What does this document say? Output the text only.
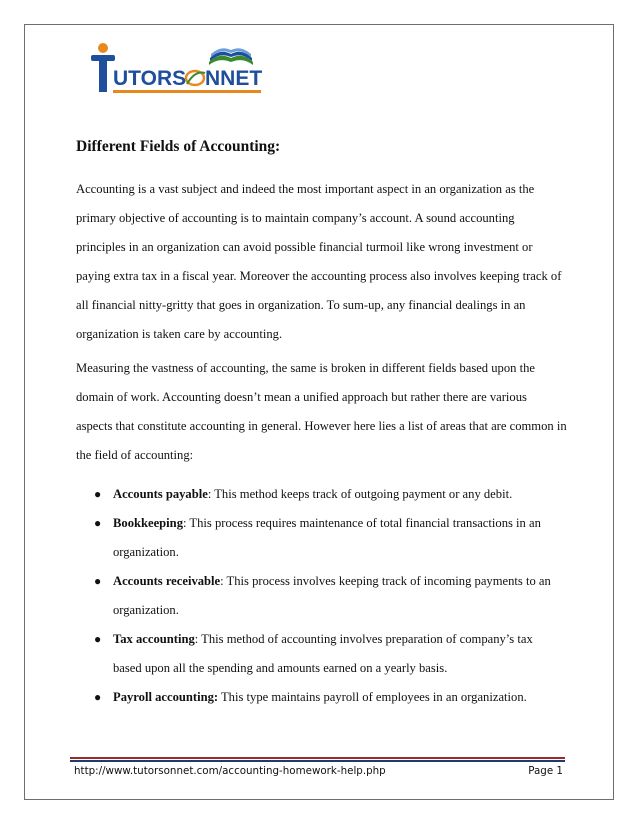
UTORS NNET
Different Fields of Accounting:
Accounting is a vast subject and indeed the most important aspect in an organization as the
primary objective of accounting is to maintain company’s account. A sound accounting
principles in an organization can avoid possible financial turmoil like wrong investment or
paying extra tax in a fiscal year. Moreover the accounting process also involves keeping track of
all financial nitty-gritty that goes in organization. To sum-up, any financial dealings in an
organization is taken care by accounting.
Measuring the vastness of accounting, the same is broken in different fields based upon the
domain of work. Accounting doesn’t mean a unified approach but rather there are various
aspects that constitute accounting in general. However here lies a list of areas that are common in
the field of accounting:
● Accounts payable: This method keeps track of outgoing payment or any debit.
● Bookkeeping: This process requires maintenance of total financial transactions in an
organization.
● Accounts receivable: This process involves keeping track of incoming payments to an
organization.
● Tax accounting: This method of accounting involves preparation of company’s tax
based upon all the spending and amounts earned on a yearly basis.
● Payroll accounting: This type maintains payroll of employees in an organization.
http://www.tutorsonnet.com/accounting-homework-help.php	Page 1
